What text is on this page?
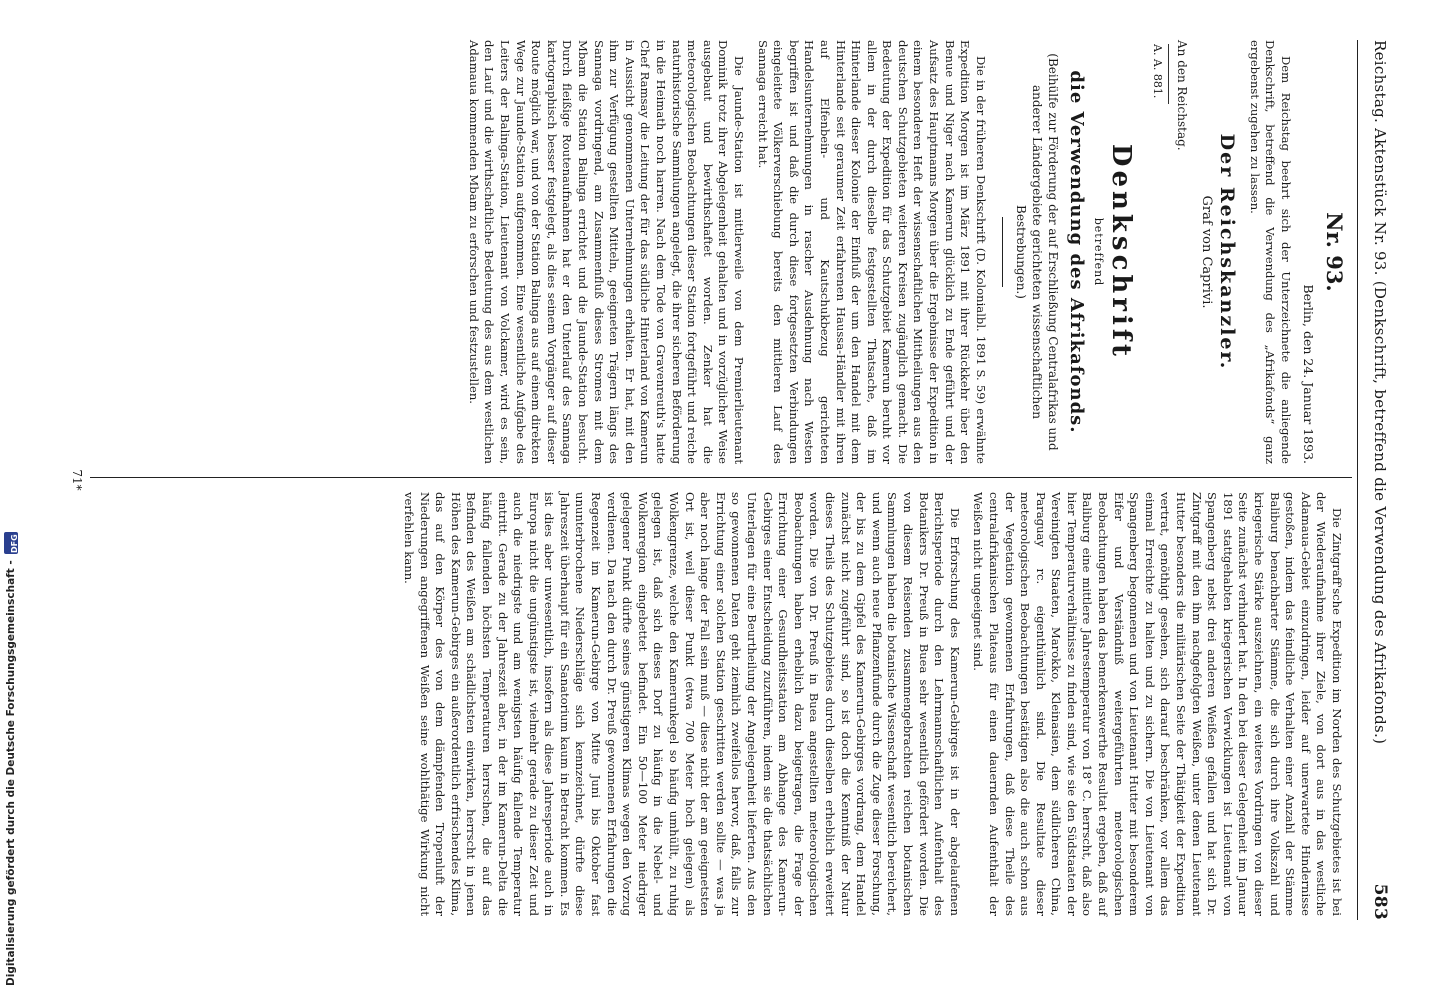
Reichstag. Aktenstück Nr. 93. (Denkschrift, betreffend die Verwendung des Afrikafonds.)
583
Nr. 93.
Berlin, den 24. Januar 1893.

Dem Reichstag beehrt sich der Unterzeichnete die anliegende Denkschrift, betreffend die Verwendung des „Afrikafonds“ ganz ergebenst zugehen zu lassen.

Der Reichskanzler.
Graf von Caprivi.
An den Reichstag.
A. A. 881.
Denkschrift
betreffend
die Verwendung des Afrikafonds.
(Beihülfe zur Förderung der auf Erschließung Centralafrikas und anderer Ländergebiete gerichteten wissenschaftlichen Bestrebungen.)

Die in der früheren Denkschrift (D. Kolonialbl. 1891 S. 59) erwähnte Expedition Morgen ist im März 1891 mit ihrer Rückkehr über den Benue und Niger nach Kamerun glücklich zu Ende geführt und der Aufsatz des Hauptmanns Morgen über die Ergebnisse der Expedition in einem besonderen Heft der wissenschaftlichen Mittheilungen aus den deutschen Schutzgebieten weiteren Kreisen zugänglich gemacht. Die Bedeutung der Expedition für das Schutzgebiet Kamerun beruht vor allem in der durch dieselbe festgestellten Thatsache, daß im Hinterlande dieser Kolonie der Einfluß der um den Handel mit dem Hinterlande seit geraumer Zeit erfahrenen Haussa-Händler mit ihren auf Elfenbein- und Kautschukbezug gerichteten Handelsunternehmungen in rascher Ausdehnung nach Westen begriffen ist und daß die durch diese fortgesetzten Verbindungen eingeleitete Völkerverschiebung bereits den mittleren Lauf des Sannaga erreicht hat.

Die Jaunde-Station ist mittlerweile von dem Premierlieutenant Dominik trotz ihrer Abgelegenheit gehalten und in vorzüglicher Weise ausgebaut und bewirthschaftet worden. Zenker hat die meteorologischen Beobachtungen dieser Station fortgeführt und reiche naturhistorische Sammlungen angelegt, die ihrer sicheren Beförderung in die Heimath noch harren. Nach dem Tode von Gravenreuth's hatte Chef Ramsay die Leitung der für das südliche Hinterland von Kamerun in Aussicht genommenen Unternehmungen erhalten. Er hat, mit den ihm zur Verfügung gestellten Mitteln, geeigneten Trägern längs des Sannaga vordringend, am Zusammenfluß dieses Stromes mit dem Mbam die Station Balinga errichtet und die Jaunde-Station besucht. Durch fleißige Routenaufnahmen hat er den Unterlauf des Sannaga kartographisch besser festgelegt, als dies seinem Vorgänger auf dieser Route möglich war, und von der Station Balinga aus auf einem direkten Wege zur Jaunde-Station aufgenommen. Eine wesentliche Aufgabe des Leiters der Balinga-Station, Lieutenant von Volckamer, wird es sein, den Lauf und die wirthschaftliche Bedeutung des aus dem westlichen Adamaua kommenden Mbam zu erforschen und festzustellen.

Die Zintgraff'sche Expedition im Norden des Schutzgebietes ist bei der Wiederaufnahme ihrer Ziele, von dort aus in das westliche Adamaua-Gebiet einzudringen, leider auf unerwartete Hindernisse gestoßen, indem das feindliche Verhalten einer Anzahl der Stämme Baliburg benachbarter Stämme, die sich durch ihre Volkszahl und kriegerische Stärke auszeichnen, ein weiteres Vordringen von dieser Seite zunächst verhindert hat. In den bei dieser Gelegenheit im Januar 1891 stattgehabten kriegerischen Verwicklungen ist Lieutenant von Spangenberg nebst drei anderen Weißen gefallen und hat sich Dr. Zintgraff mit den ihm nachgefolgten Weißen, unter denen Lieutenant Hutter besonders die militärischen Seite der Thätigkeit der Expedition vertrat, genöthigt gesehen, sich darauf beschränken, vor allem das einmal Erreichte zu halten und zu sichern. Die von Lieutenant von Spangenberg begonnenen und von Lieutenant Hutter mit besonderem Eifer und Verständniß weitergeführten meteorologischen Beobachtungen haben das bemerkenswerthe Resultat ergeben, daß auf Baliburg eine mittlere Jahrestemperatur von 18° C. herrscht, daß also hier Temperaturverhältnisse zu finden sind, wie sie den Südstaaten der Vereinigten Staaten, Marokko, Kleinasien, dem südlicheren China, Paraguay rc. eigenthümlich sind. Die Resultate dieser meteorologischen Beobachtungen bestätigen also die auch schon aus der Vegetation gewonnenen Erfahrungen, daß diese Theile des centralafrikanischen Plateaus für einen dauernden Aufenthalt der Weißen nicht ungeeignet sind.

Die Erforschung des Kamerun-Gebirges ist in der abgelaufenen Berichtsperiode durch den Lehrmannschaftlichen Aufenthalt des Botanikers Dr. Preuß in Buea sehr wesentlich gefördert worden. Die von diesem Reisenden zusammengebrachten reichen botanischen Sammlungen haben die botanische Wissenschaft wesentlich bereichert, und wenn auch neue Pflanzenfunde durch die Zuge dieser Forschung, der bis zu dem Gipfel des Kamerun-Gebirges vordrang, dem Handel zunächst nicht zugeführt sind, so ist doch die Kenntniß der Natur dieses Theils des Schutzgebietes durch dieselben erheblich erweitert worden. Die von Dr. Preuß in Buea angestellten meteorologischen Beobachtungen haben erheblich dazu beigetragen, die Frage der Errichtung einer Gesundheitsstation am Abhange des Kamerun-Gebirges einer Entscheidung zuzuführen, indem sie die thatsächlichen Unterlagen für eine Beurtheilung der Angelegenheit lieferten. Aus den so gewonnenen Daten geht ziemlich zweifellos hervor, daß, falls zur Errichtung einer solchen Station geschritten werden sollte — was ja aber noch lange der Fall sein muß — diese nicht der am geeignetsten Ort ist, weil dieser Punkt (etwa 700 Meter hoch gelegen) als Wolkengrenze, welche den Kamerunkegel so häufig umhüllt, zu ruhig gelegen ist, daß sich dieses Dorf zu häufig in die Nebel- und Wolkenregion eingebettet befindet. Ein 50—100 Meter niedriger gelegener Punkt dürfte seines günstigeren Klimas wegen den Vorzug verdienen. Da nach den durch Dr. Preuß gewonnenen Erfahrungen die Regenzeit im Kamerun-Gebirge von Mitte Juni bis Oktober fast ununterbrochene Niederschläge sich kennzeichnet, dürfte diese Jahreszeit überhaupt für ein Sanatorium kaum in Betracht kommen. Es ist dies aber unwesentlich, insofern als diese Jahresperiode auch in Europa nicht die ungünstigste ist, vielmehr gerade zu dieser Zeit und auch die niedrigste und am wenigsten häufig fallende Temperatur eintritt. Gerade zu der Jahreszeit aber, in der im Kamerun-Delta die häufig fallenden höchsten Temperaturen herrschen, die auf das Befinden des Weißen am schädlichsten einwirken, herrscht in jenen Höhen des Kamerun-Gebirges ein außerordentlich erfrischendes Klima, das auf den Körper des von dem dämpfenden Tropenluft der Niederungen angegriffenen Weißen seine wohlthätige Wirkung nicht verfehlen kann.

71*
Digitalisierung gefördert durch die Deutsche Forschungsgemeinschaft -
DFG
